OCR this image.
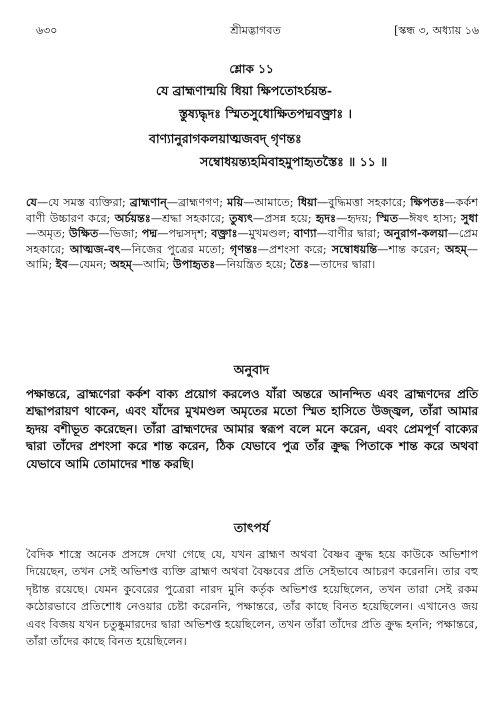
৬৩০	শ্রীমদ্ভাগবত	[স্কন্ধ ৩, অধ্যায় ১৬
শ্লোক ১১
যে ব্রাহ্মণান্ময়ি ধিয়া ক্ষিপতোঽর্চয়ন্ত-
স্তুষ্যদ্ধৃদঃ স্মিতসুধোক্ষিতপদ্মবক্ত্রাঃ ।
বাণ্যানুরাগকলয়াত্মজবদ্ গৃণন্তঃ
সম্বোধয়ন্ত্যহমিবাহমুপাহৃতস্তৈঃ ॥ ১১ ॥
যে—যে সমস্ত ব্যক্তিরা; ব্রাহ্মণান্—ব্রাহ্মণগণ; ময়ি—আমাতে; ধিয়া—বুদ্ধিমত্তা সহকারে; ক্ষিপতঃ—কর্কশ বাণী উচ্চারণ করে; অর্চয়ন্তঃ—শ্রদ্ধা সহকারে; তুষ্যৎ—প্রসন্ন হয়ে; হৃদঃ—হৃদয়; স্মিত—ঈষৎ হাস্য; সুধা—অমৃত; উক্ষিত—ভিজা; পদ্ম—পদ্মসদৃশ; বক্ত্রাঃ—মুখমণ্ডল; বাণ্যা—বাণীর দ্বারা; অনুরাগ-কলয়া—প্রেম সহকারে; আত্মজ-বৎ—নিজের পুত্রের মতো; গৃণন্তঃ—প্রশংসা করে; সম্বোধয়ন্তি—শান্ত করেন; অহম্—আমি; ইব—যেমন; অহম্—আমি; উপাহৃতঃ—নিয়ন্ত্রিত হয়ে; তৈঃ—তাদের দ্বারা।
অনুবাদ
পক্ষান্তরে, ব্রাহ্মণেরা কর্কশ বাক্য প্রয়োগ করলেও যাঁরা অন্তরে আনন্দিত এবং ব্রাহ্মণদের প্রতি শ্রদ্ধাপরায়ণ থাকেন, এবং যাঁদের মুখমণ্ডল অমৃতের মতো স্মিত হাসিতে উজ্জ্বল, তাঁরা আমার হৃদয় বশীভূত করেছেন। তাঁরা ব্রাহ্মণদের আমার স্বরূপ বলে মনে করেন, এবং প্রেমপূর্ণ বাক্যের দ্বারা তাঁদের প্রশংসা করে শান্ত করেন, ঠিক যেভাবে পুত্র তাঁর ক্রুদ্ধ পিতাকে শান্ত করে অথবা যেভাবে আমি তোমাদের শান্ত করছি।
তাৎপর্য
বৈদিক শাস্ত্রে অনেক প্রসঙ্গে দেখা গেছে যে, যখন ব্রাহ্মণ অথবা বৈষ্ণব ক্রুদ্ধ হয়ে কাউকে অভিশাপ দিয়েছেন, তখন সেই অভিশপ্ত ব্যক্তি ব্রাহ্মণ অথবা বৈষ্ণবের প্রতি সেইভাবে আচরণ করেননি। তার বহু দৃষ্টান্ত রয়েছে। যেমন কুবেরের পুত্রেরা নারদ মুনি কর্তৃক অভিশপ্ত হয়েছিলেন, তখন তারা সেই রকম কঠোরভাবে প্রতিশোধ নেওয়ার চেষ্টা করেননি, পক্ষান্তরে, তাঁর কাছে বিনত হয়েছিলেন। এখানেও জয় এবং বিজয় যখন চতুষ্কুমারদের দ্বারা অভিশপ্ত হয়েছিলেন, তখন তাঁরা তাঁদের প্রতি ক্রুদ্ধ হননি; পক্ষান্তরে, তাঁরা তাঁদের কাছে বিনত হয়েছিলেন।
